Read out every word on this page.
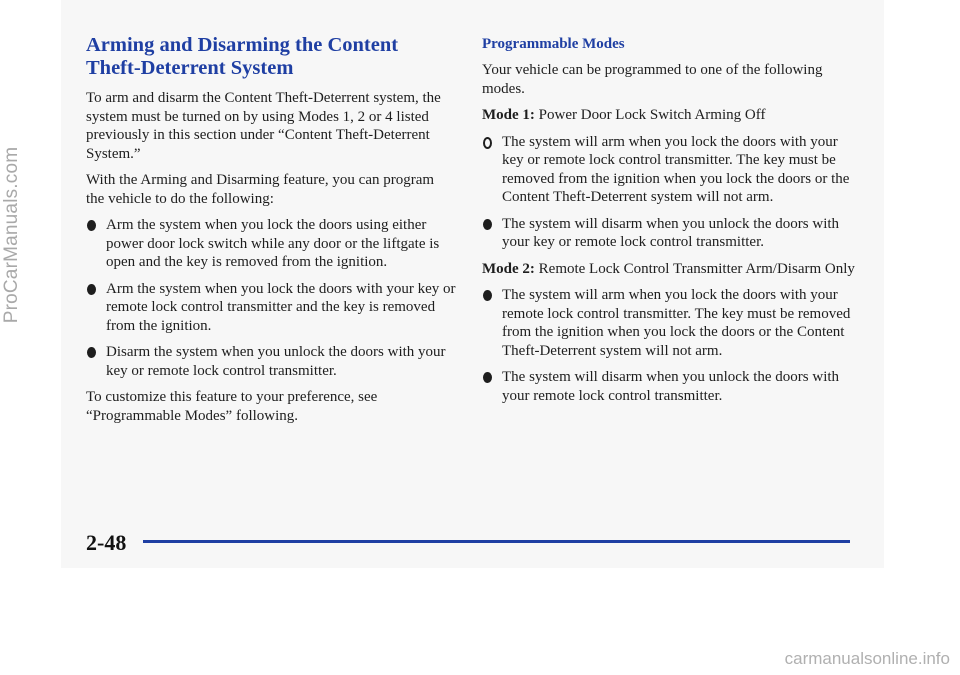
Arming and Disarming the Content Theft-Deterrent System

To arm and disarm the Content Theft-Deterrent system, the system must be turned on by using Modes 1, 2 or 4 listed previously in this section under “Content Theft-Deterrent System.”

With the Arming and Disarming feature, you can program the vehicle to do the following:

Arm the system when you lock the doors using either power door lock switch while any door or the liftgate is open and the key is removed from the ignition.
Arm the system when you lock the doors with your key or remote lock control transmitter and the key is removed from the ignition.
Disarm the system when you unlock the doors with your key or remote lock control transmitter.

To customize this feature to your preference, see “Programmable Modes” following.

Programmable Modes

Your vehicle can be programmed to one of the following modes.

Mode 1: Power Door Lock Switch Arming Off

The system will arm when you lock the doors with your key or remote lock control transmitter. The key must be removed from the ignition when you lock the doors or the Content Theft-Deterrent system will not arm.
The system will disarm when you unlock the doors with your key or remote lock control transmitter.

Mode 2: Remote Lock Control Transmitter Arm/Disarm Only

The system will arm when you lock the doors with your remote lock control transmitter. The key must be removed from the ignition when you lock the doors or the Content Theft-Deterrent system will not arm.
The system will disarm when you unlock the doors with your remote lock control transmitter.
2-48
ProCarManuals.com
carmanualsonline.info
